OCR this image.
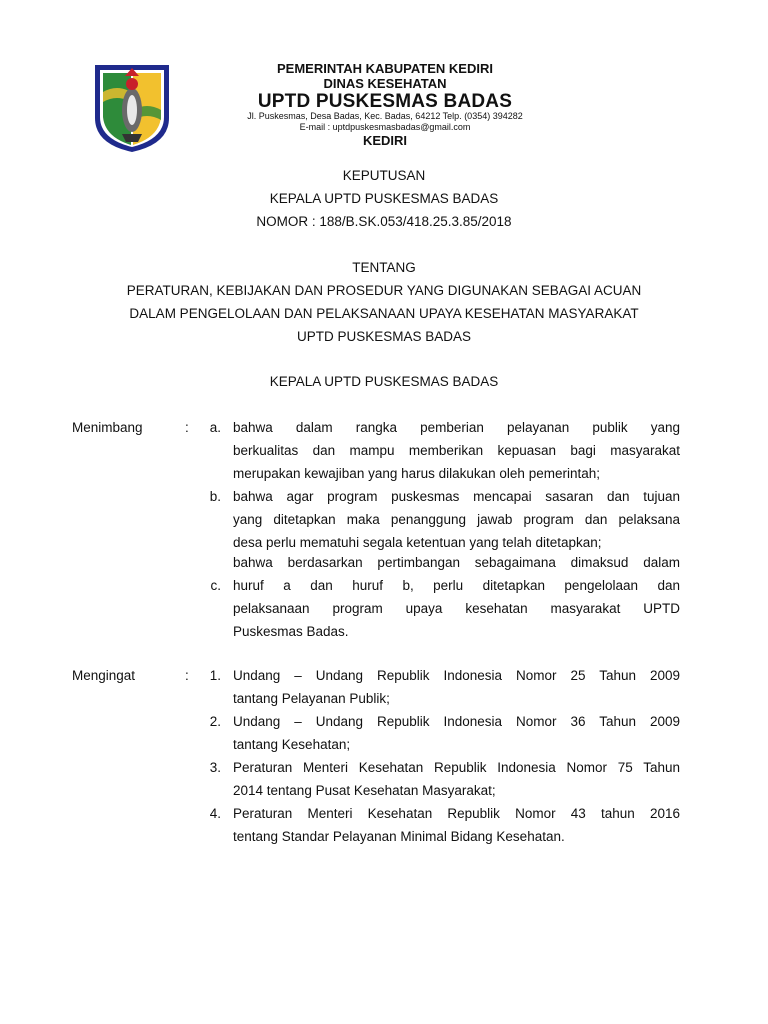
PEMERINTAH KABUPATEN KEDIRI
DINAS KESEHATAN
UPTD PUSKESMAS BADAS
Jl. Puskesmas, Desa Badas, Kec. Badas, 64212 Telp. (0354) 394282
E-mail : uptdpuskesmasbadas@gmail.com
KEDIRI
KEPUTUSAN
KEPALA UPTD PUSKESMAS BADAS
NOMOR : 188/B.SK.053/418.25.3.85/2018
TENTANG
PERATURAN, KEBIJAKAN DAN PROSEDUR YANG DIGUNAKAN SEBAGAI ACUAN
DALAM PENGELOLAAN DAN PELAKSANAAN UPAYA KESEHATAN MASYARAKAT
UPTD PUSKESMAS BADAS
KEPALA UPTD PUSKESMAS BADAS
Menimbang	:	a. bahwa dalam rangka pemberian pelayanan publik yang
berkualitas dan mampu memberikan kepuasan bagi masyarakat
merupakan kewajiban yang harus dilakukan oleh pemerintah;
b. bahwa agar program puskesmas mencapai sasaran dan tujuan
yang ditetapkan maka penanggung jawab program dan pelaksana
desa perlu mematuhi segala ketentuan yang telah ditetapkan;
bahwa berdasarkan pertimbangan sebagaimana dimaksud dalam
c. huruf a dan huruf b, perlu ditetapkan pengelolaan dan
pelaksanaan program upaya kesehatan masyarakat UPTD
Puskesmas Badas.
Mengingat	:	1. Undang – Undang Republik Indonesia Nomor 25 Tahun 2009
tantang Pelayanan Publik;
2. Undang – Undang Republik Indonesia Nomor 36 Tahun 2009
tantang Kesehatan;
3. Peraturan Menteri Kesehatan Republik Indonesia Nomor 75 Tahun
2014 tentang Pusat Kesehatan Masyarakat;
4. Peraturan Menteri Kesehatan Republik Nomor 43 tahun 2016
tentang Standar Pelayanan Minimal Bidang Kesehatan.
